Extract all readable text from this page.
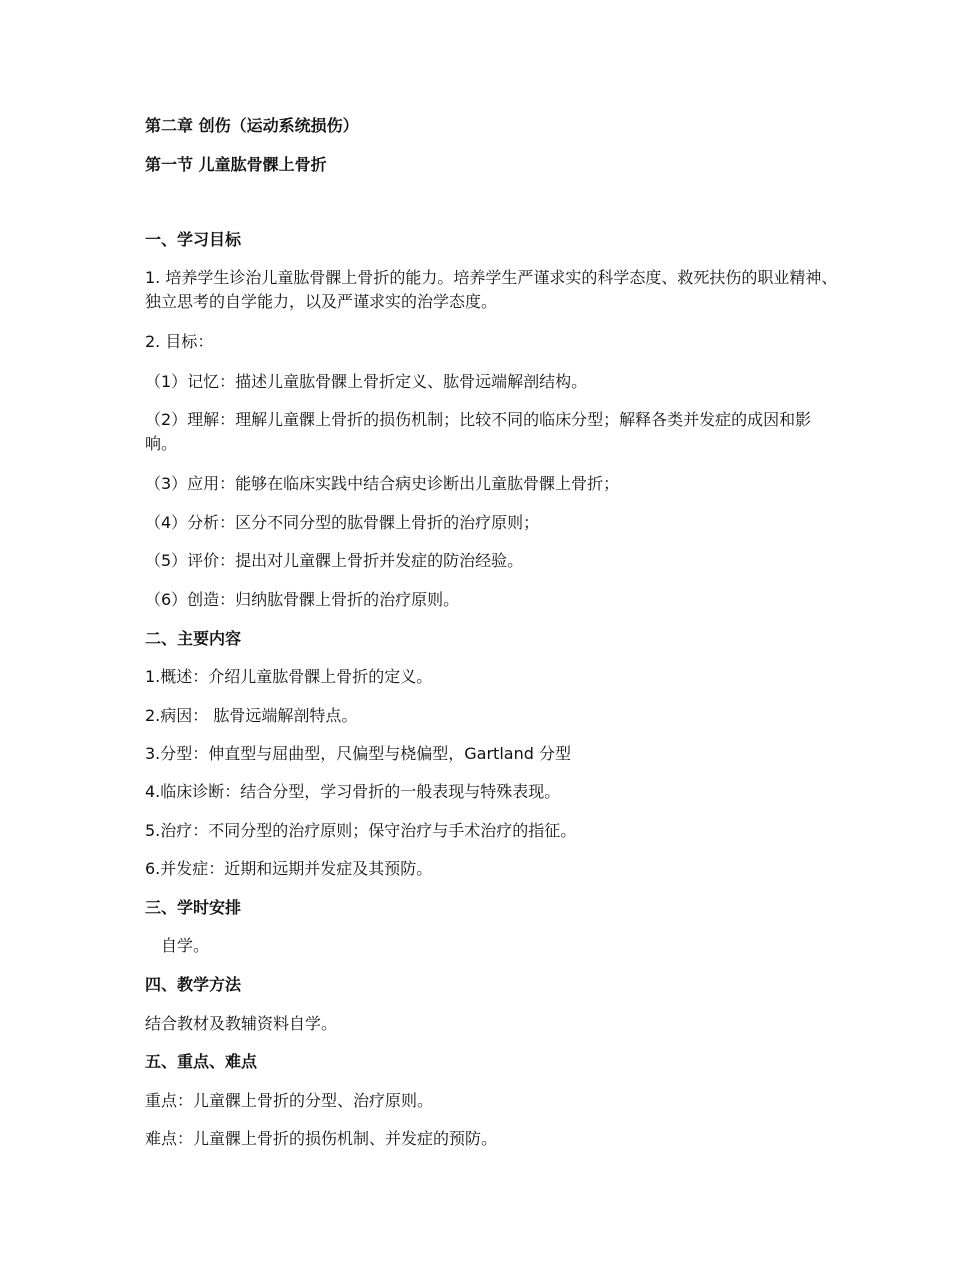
第二章 创伤（运动系统损伤）
第一节 儿童肱骨髁上骨折
一、学习目标
1. 培养学生诊治儿童肱骨髁上骨折的能力。培养学生严谨求实的科学态度、救死扶伤的职业精神、独立思考的自学能力，以及严谨求实的治学态度。
2. 目标：
（1）记忆：描述儿童肱骨髁上骨折定义、肱骨远端解剖结构。
（2）理解：理解儿童髁上骨折的损伤机制；比较不同的临床分型；解释各类并发症的成因和影响。
（3）应用：能够在临床实践中结合病史诊断出儿童肱骨髁上骨折；
（4）分析：区分不同分型的肱骨髁上骨折的治疗原则；
（5）评价：提出对儿童髁上骨折并发症的防治经验。
（6）创造：归纳肱骨髁上骨折的治疗原则。
二、主要内容
1.概述：介绍儿童肱骨髁上骨折的定义。
2.病因： 肱骨远端解剖特点。
3.分型：伸直型与屈曲型，尺偏型与桡偏型，Gartland 分型
4.临床诊断：结合分型，学习骨折的一般表现与特殊表现。
5.治疗：不同分型的治疗原则；保守治疗与手术治疗的指征。
6.并发症：近期和远期并发症及其预防。
三、学时安排
自学。
四、教学方法
结合教材及教辅资料自学。
五、重点、难点
重点：儿童髁上骨折的分型、治疗原则。
难点：儿童髁上骨折的损伤机制、并发症的预防。
